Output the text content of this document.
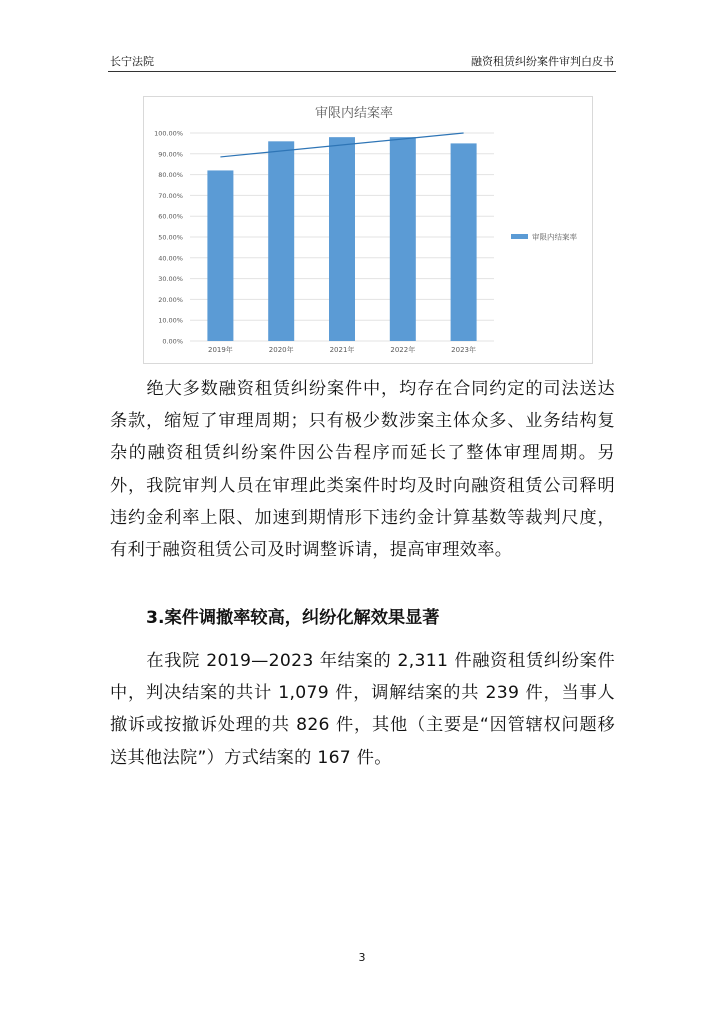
长宁法院	融资租赁纠纷案件审判白皮书
审限内结案率
0.00%
10.00%
20.00%
30.00%
40.00%
50.00%
60.00%
70.00%
80.00%
90.00%
100.00%
2019年	2020年	2021年	2022年	2023年
审限内结案率
绝大多数融资租赁纠纷案件中，均存在合同约定的司法送达条款，缩短了审理周期；只有极少数涉案主体众多、业务结构复杂的融资租赁纠纷案件因公告程序而延长了整体审理周期。另外，我院审判人员在审理此类案件时均及时向融资租赁公司释明违约金利率上限、加速到期情形下违约金计算基数等裁判尺度，有利于融资租赁公司及时调整诉请，提高审理效率。
3.案件调撤率较高，纠纷化解效果显著
在我院 2019—2023 年结案的 2,311 件融资租赁纠纷案件中，判决结案的共计 1,079 件，调解结案的共 239 件，当事人撤诉或按撤诉处理的共 826 件，其他（主要是“因管辖权问题移送其他法院”）方式结案的 167 件。
3
